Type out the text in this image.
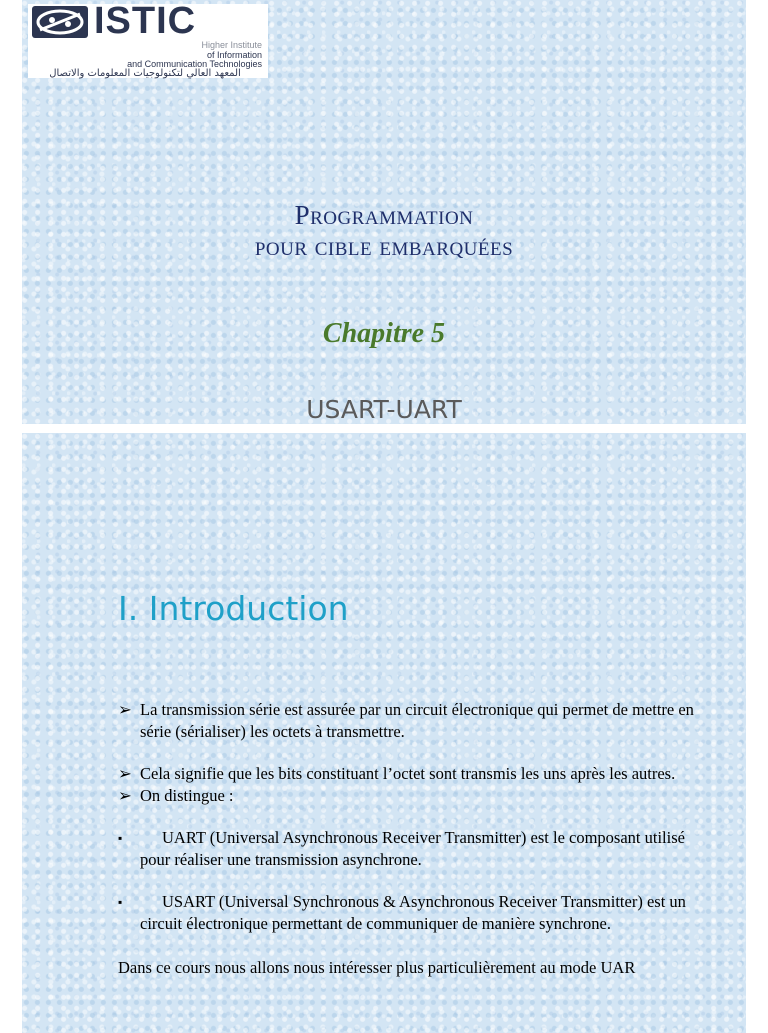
ISTIC
Higher Institute
of Information
and Communication Technologies
المعهد العالي لتكنولوجيات المعلومات والاتصال
Programmation
pour cible embarquées
Chapitre 5
USART-UART
I. Introduction
➢ La transmission série est assurée par un circuit électronique qui permet de mettre en série (sérialiser) les octets à transmettre.
➢ Cela signifie que les bits constituant l’octet sont transmis les uns après les autres.
➢ On distingue :
▪	UART (Universal Asynchronous Receiver Transmitter) est le composant utilisé pour réaliser une transmission asynchrone.
▪	USART (Universal Synchronous & Asynchronous Receiver Transmitter) est un circuit électronique permettant de communiquer de manière synchrone.
Dans ce cours nous allons nous intéresser plus particulièrement au mode UAR
